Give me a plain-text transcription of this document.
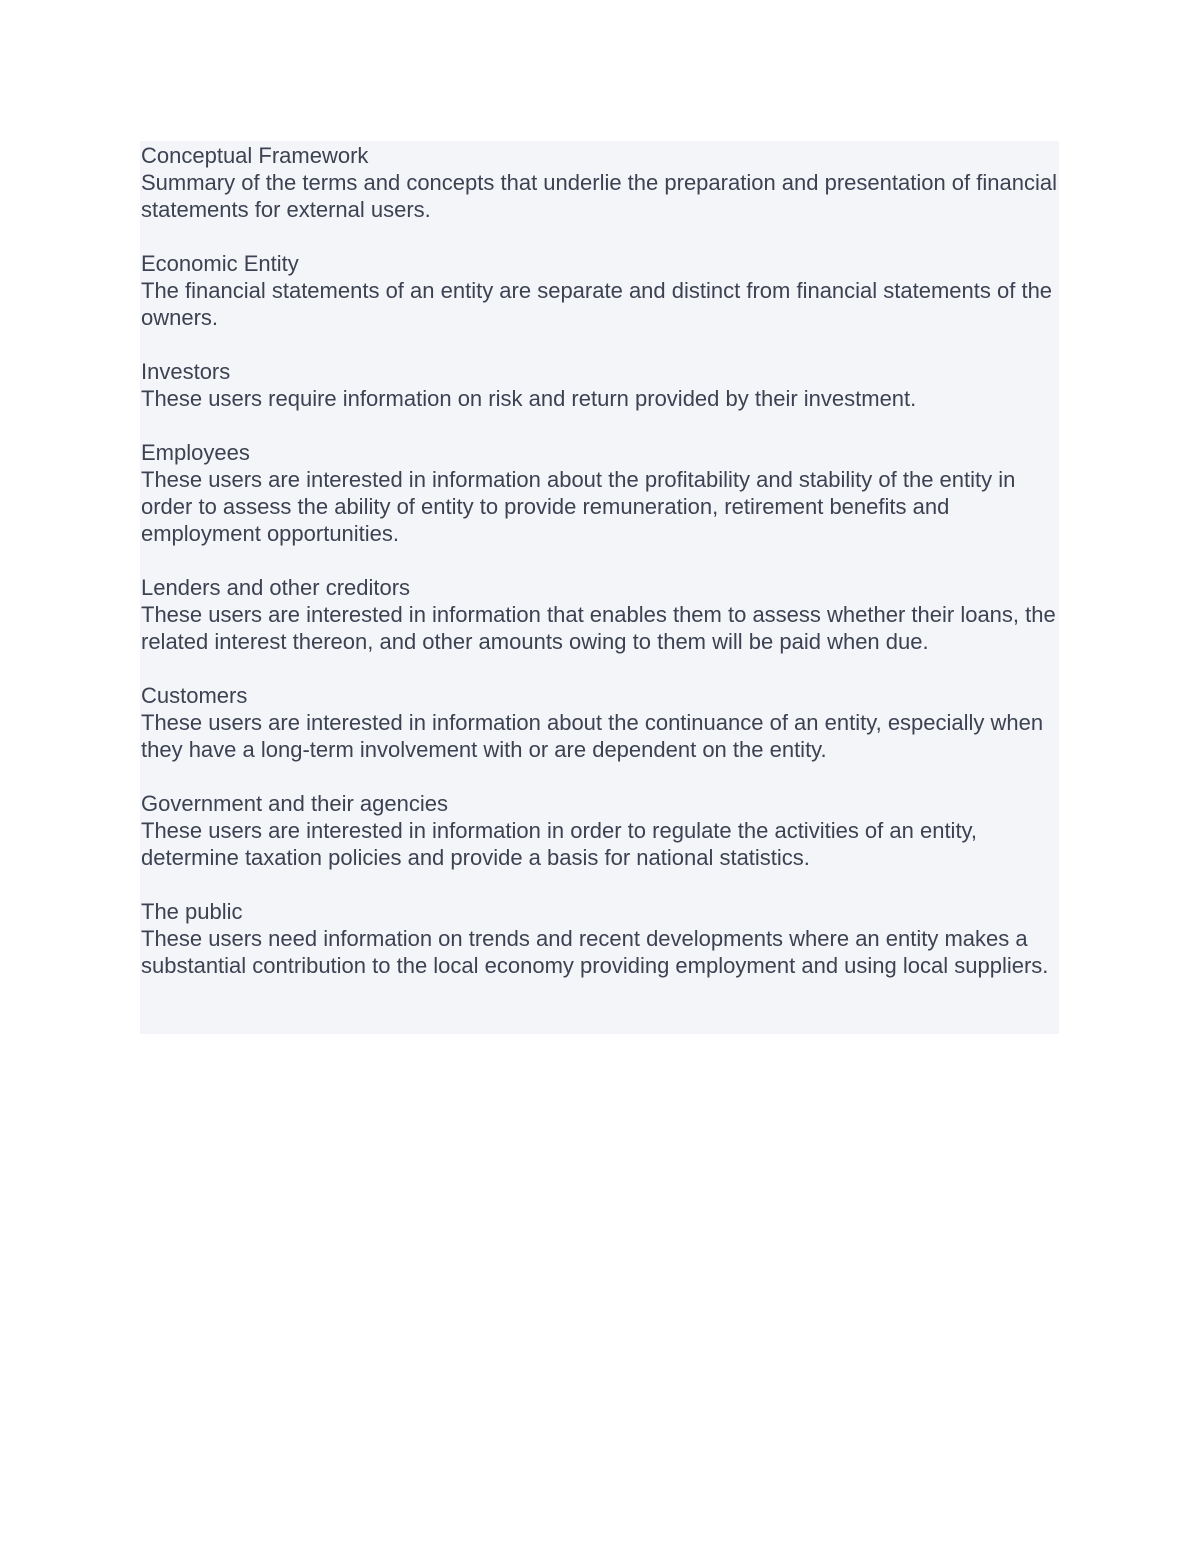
Conceptual Framework

Summary of the terms and concepts that underlie the preparation and presentation of financial statements for external users.

Economic Entity

The financial statements of an entity are separate and distinct from financial statements of the owners.

Investors

These users require information on risk and return provided by their investment.

Employees

These users are interested in information about the profitability and stability of the entity in order to assess the ability of entity to provide remuneration, retirement benefits and employment opportunities.

Lenders and other creditors

These users are interested in information that enables them to assess whether their loans, the related interest thereon, and other amounts owing to them will be paid when due.

Customers

These users are interested in information about the continuance of an entity, especially when they have a long-term involvement with or are dependent on the entity.

Government and their agencies

These users are interested in information in order to regulate the activities of an entity, determine taxation policies and provide a basis for national statistics.

The public

These users need information on trends and recent developments where an entity makes a substantial contribution to the local economy providing employment and using local suppliers.
